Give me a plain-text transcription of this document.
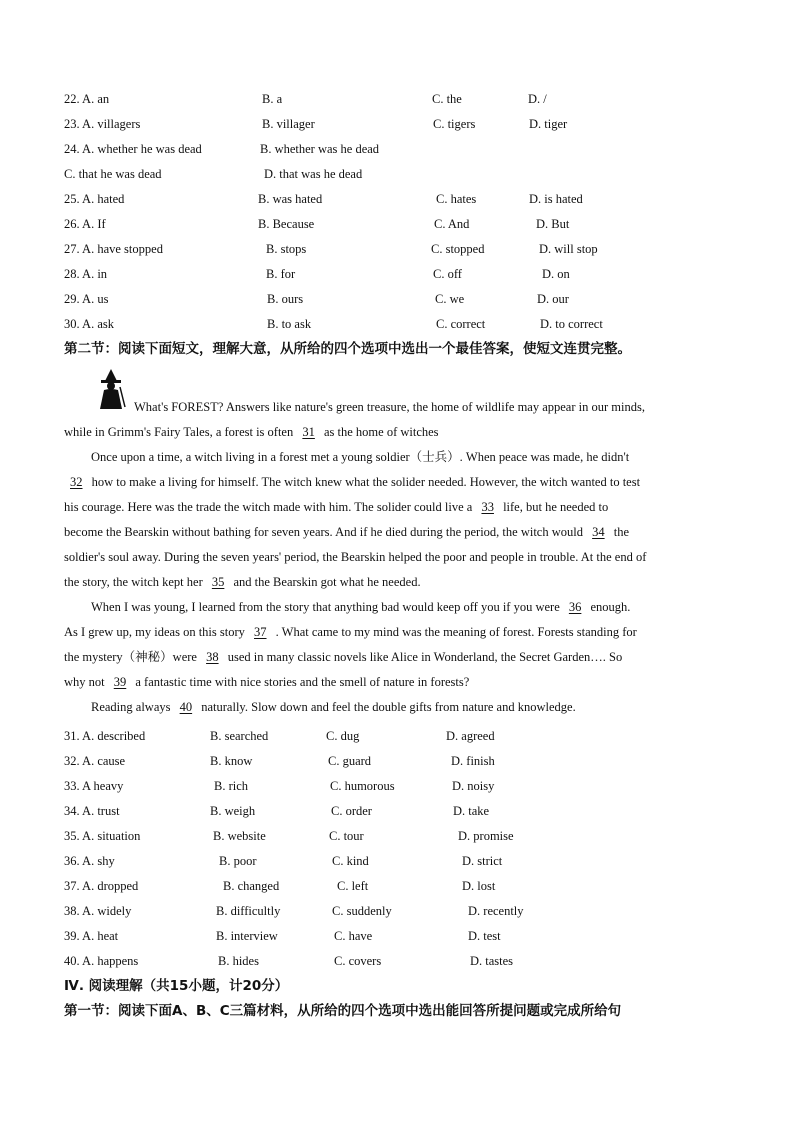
22. A. an	B. a	C. the	D. /
23. A. villagers	B. villager	C. tigers	D. tiger
24. A. whether he was dead	B. whether was he dead
C. that he was dead	D. that was he dead
25. A. hated	B. was hated	C. hates	D. is hated
26. A. If	B. Because	C. And	D. But
27. A. have stopped	B. stops	C. stopped	D. will stop
28. A. in	B. for	C. off	D. on
29. A. us	B. ours	C. we	D. our
30. A. ask	B. to ask	C. correct	D. to correct
第二节：阅读下面短文，理解大意，从所给的四个选项中选出一个最佳答案，使短文连贯完整。
What's FOREST? Answers like nature's green treasure, the home of wildlife may appear in our minds,
while in Grimm's Fairy Tales, a forest is often 31 as the home of witches
Once upon a time, a witch living in a forest met a young soldier（士兵）. When peace was made, he didn't
32 how to make a living for himself. The witch knew what the solider needed. However, the witch wanted to test
his courage. Here was the trade the witch made with him. The solider could live a 33 life, but he needed to
become the Bearskin without bathing for seven years. And if he died during the period, the witch would 34 the
soldier's soul away. During the seven years' period, the Bearskin helped the poor and people in trouble. At the end of
the story, the witch kept her 35 and the Bearskin got what he needed.
When I was young, I learned from the story that anything bad would keep off you if you were 36 enough.
As I grew up, my ideas on this story 37 . What came to my mind was the meaning of forest. Forests standing for
the mystery（神秘）were 38 used in many classic novels like Alice in Wonderland, the Secret Garden…. So
why not 39 a fantastic time with nice stories and the smell of nature in forests?
Reading always 40 naturally. Slow down and feel the double gifts from nature and knowledge.
31. A. described	B. searched	C. dug	D. agreed
32. A. cause	B. know	C. guard	D. finish
33. A heavy	B. rich	C. humorous	D. noisy
34. A. trust	B. weigh	C. order	D. take
35. A. situation	B. website	C. tour	D. promise
36. A. shy	B. poor	C. kind	D. strict
37. A. dropped	B. changed	C. left	D. lost
38. A. widely	B. difficultly	C. suddenly	D. recently
39. A. heat	B. interview	C. have	D. test
40. A. happens	B. hides	C. covers	D. tastes
Ⅳ. 阅读理解（共15小题，计20分）
第一节：阅读下面A、B、C三篇材料，从所给的四个选项中选出能回答所提问题或完成所给句
